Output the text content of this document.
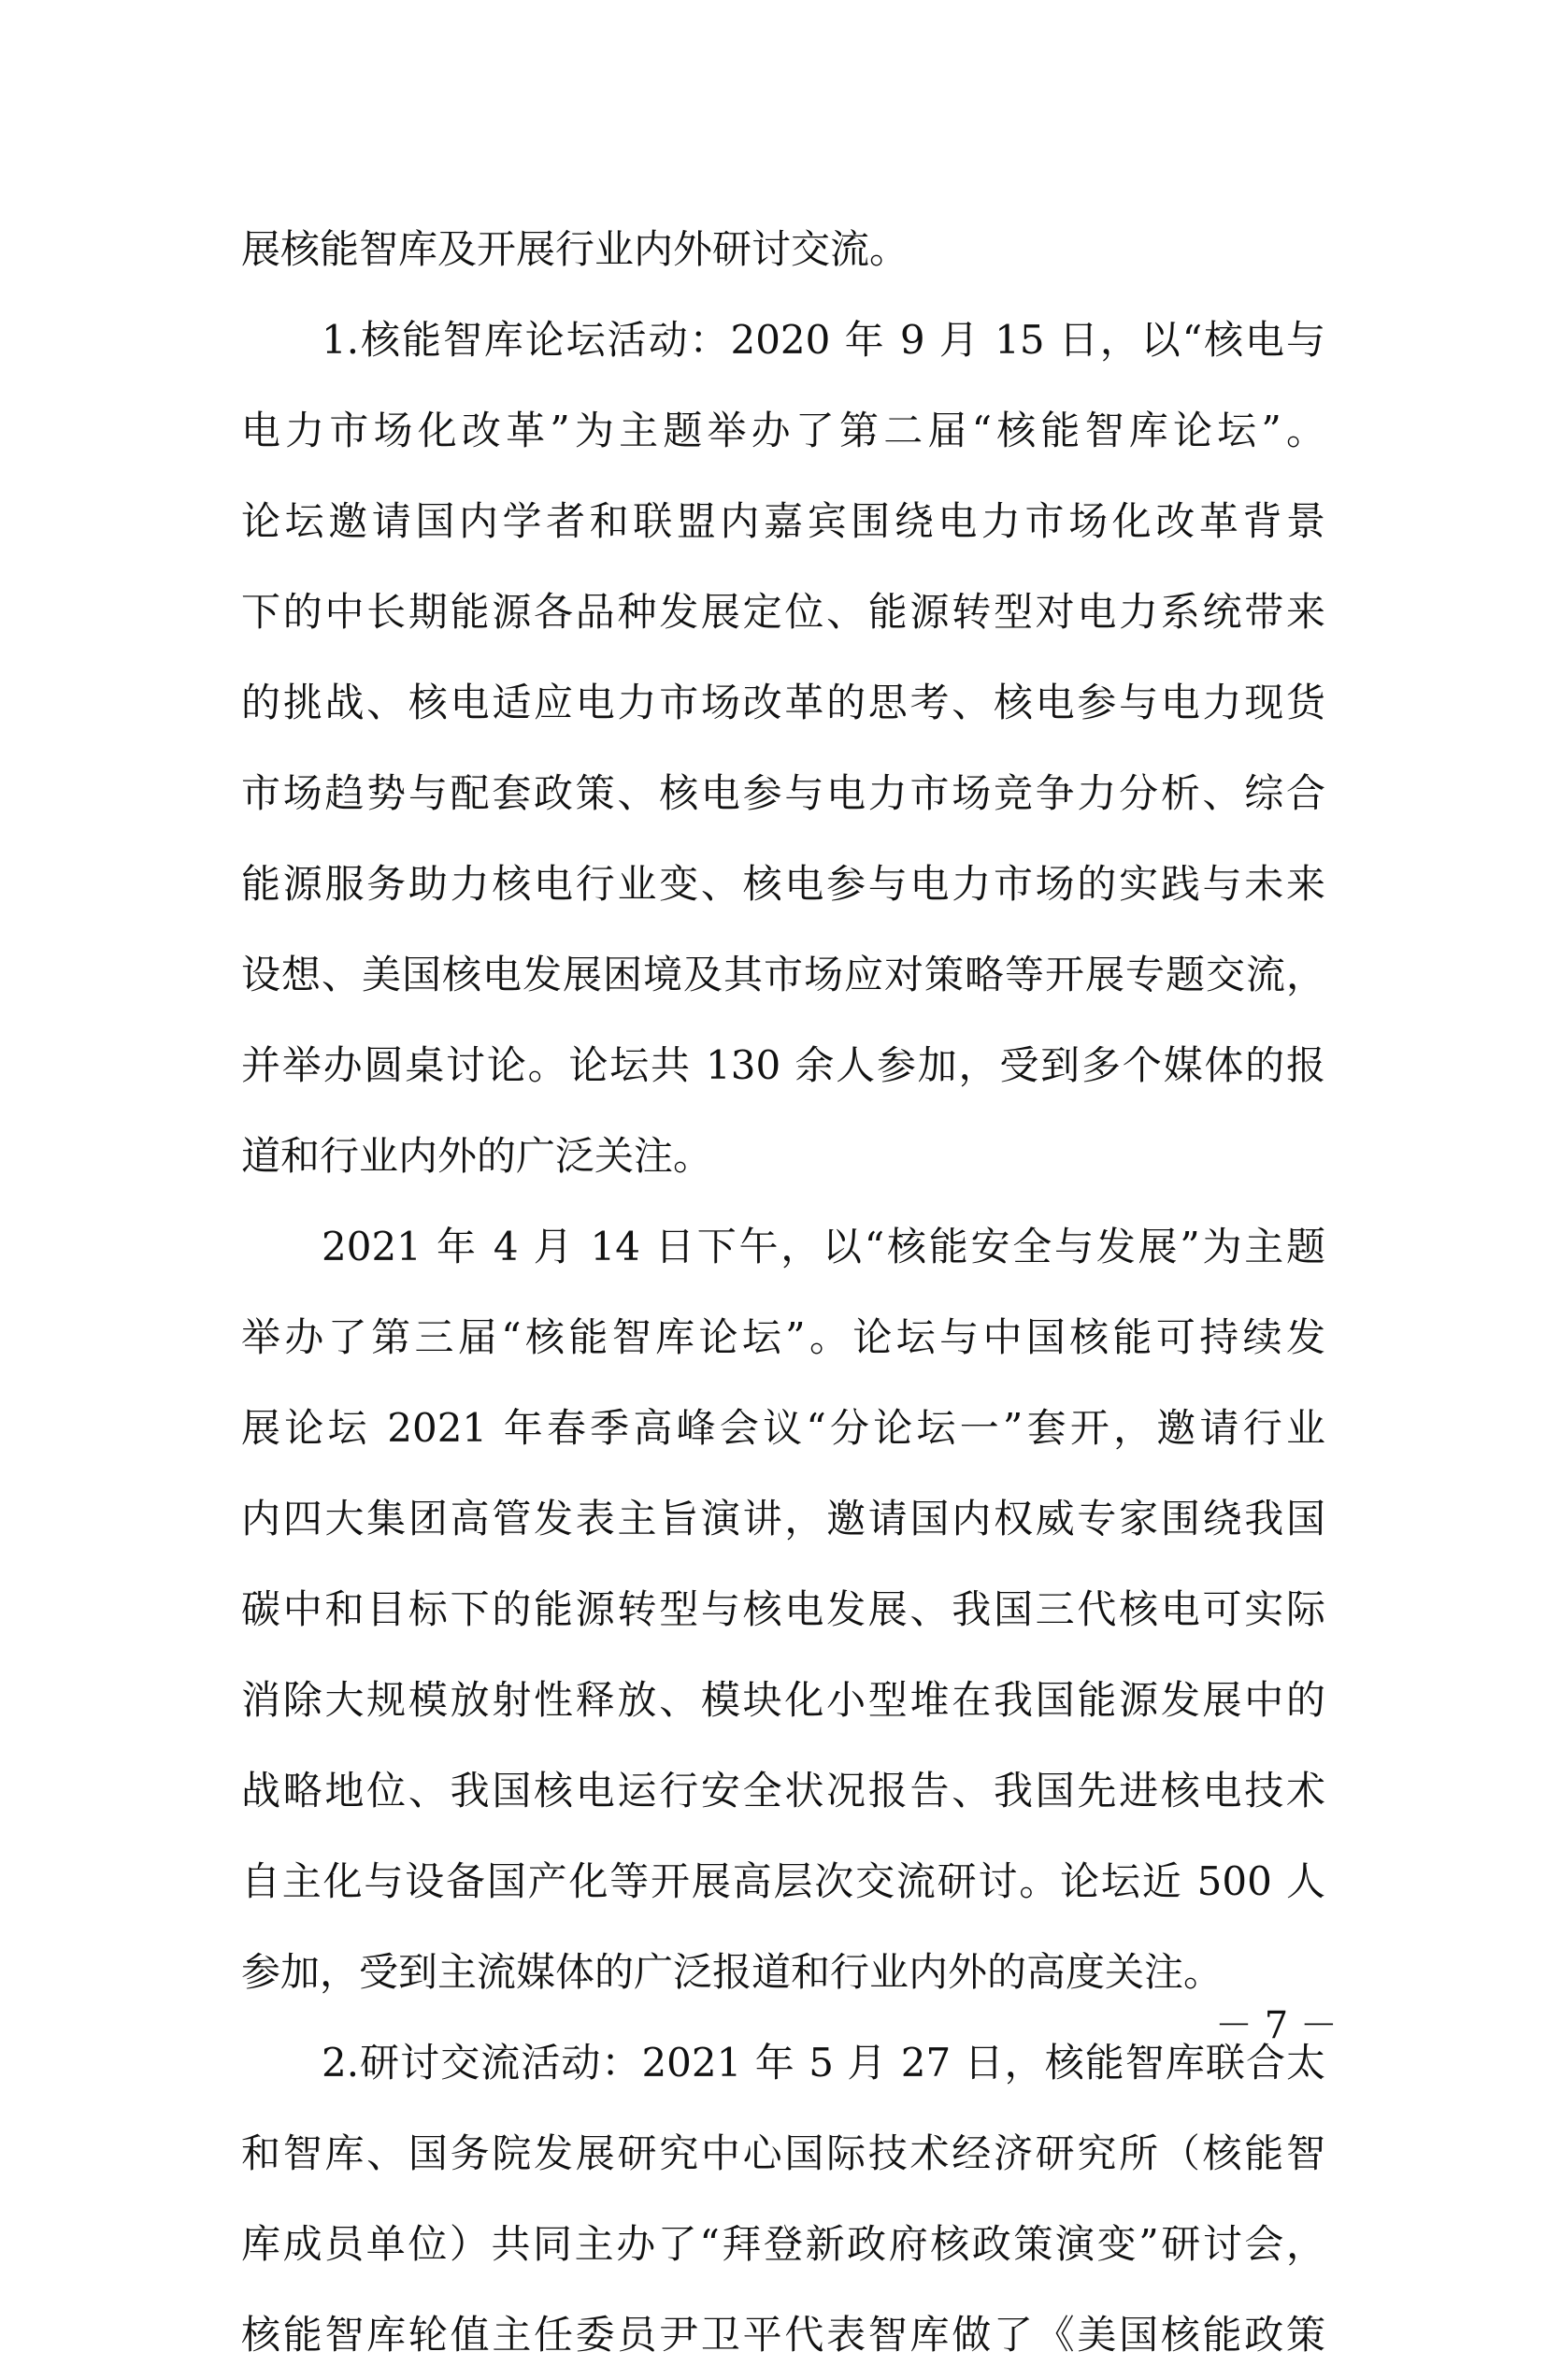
展核能智库及开展行业内外研讨交流。
1.核能智库论坛活动：2020 年 9 月 15 日，以“核电与
电力市场化改革”为主题举办了第二届“核能智库论坛”。
论坛邀请国内学者和联盟内嘉宾围绕电力市场化改革背景
下的中长期能源各品种发展定位、能源转型对电力系统带来
的挑战、核电适应电力市场改革的思考、核电参与电力现货
市场趋势与配套政策、核电参与电力市场竞争力分析、综合
能源服务助力核电行业变、核电参与电力市场的实践与未来
设想、美国核电发展困境及其市场应对策略等开展专题交流，
并举办圆桌讨论。论坛共 130 余人参加，受到多个媒体的报
道和行业内外的广泛关注。
2021 年 4 月 14 日下午，以“核能安全与发展”为主题
举办了第三届“核能智库论坛”。论坛与中国核能可持续发
展论坛 2021 年春季高峰会议“分论坛一”套开，邀请行业
内四大集团高管发表主旨演讲，邀请国内权威专家围绕我国
碳中和目标下的能源转型与核电发展、我国三代核电可实际
消除大规模放射性释放、模块化小型堆在我国能源发展中的
战略地位、我国核电运行安全状况报告、我国先进核电技术
自主化与设备国产化等开展高层次交流研讨。论坛近 500 人
参加，受到主流媒体的广泛报道和行业内外的高度关注。
2.研讨交流活动：2021 年 5 月 27 日，核能智库联合太
和智库、国务院发展研究中心国际技术经济研究所（核能智
库成员单位）共同主办了“拜登新政府核政策演变”研讨会，
核能智库轮值主任委员尹卫平代表智库做了《美国核能政策
－ 7 －
